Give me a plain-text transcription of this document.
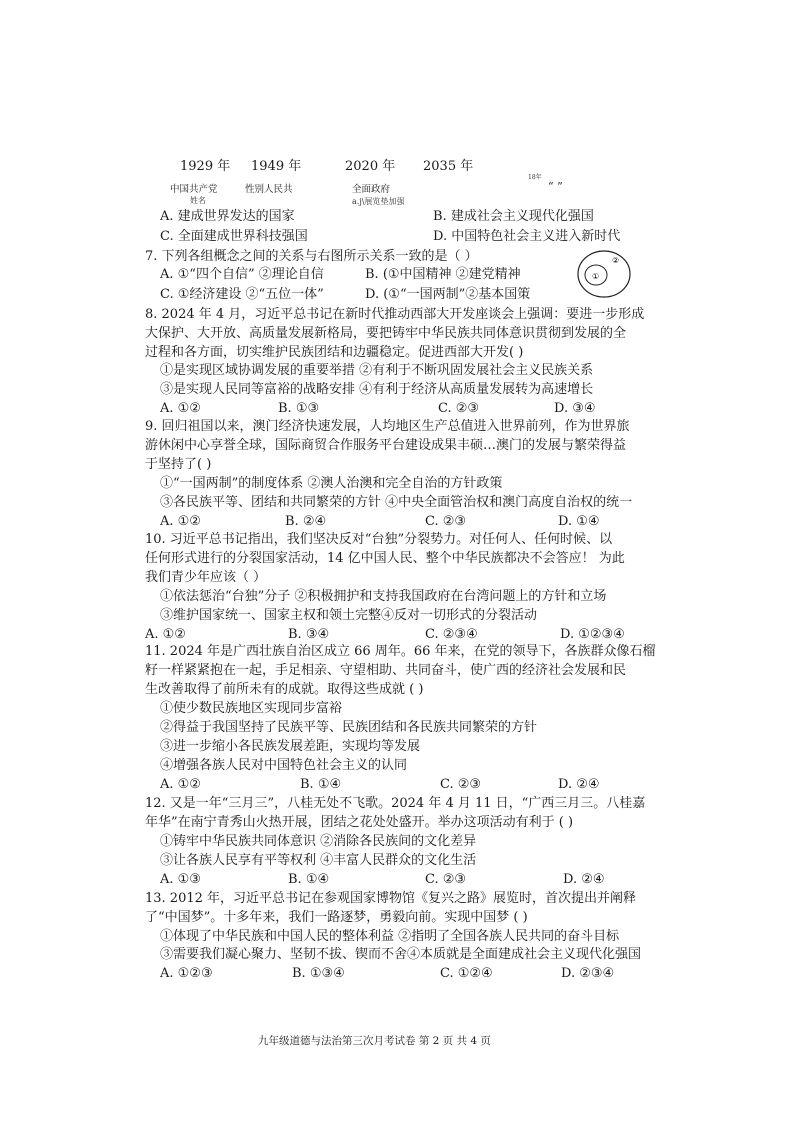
1929 年 1949 年	2020 年 2035 年
中国共产党	性别人民共	全面政府
姓名	a.j\展览垫加强
18年
“ ”
A. 建成世界发达的国家	B. 建成社会主义现代化强国
C. 全面建成世界科技强国	D. 中国特色社会主义进入新时代
7. 下列各组概念之间的关系与右图所示关系一致的是（ ）
A. ①“四个自信” ②理论自信	B. (①中国精神 ②建党精神
C. ①经济建设 ②“五位一体”	D. (①“一国两制”②基本国策
①
②
8. 2024 年 4 月，习近平总书记在新时代推动西部大开发座谈会上强调：要进一步形成
大保护、大开放、高质量发展新格局，要把铸牢中华民族共同体意识贯彻到发展的全
过程和各方面，切实维护民族团结和边疆稳定。促进西部大开发( )
①是实现区域协调发展的重要举措 ②有利于不断巩固发展社会主义民族关系
③是实现人民同等富裕的战略安排 ④有利于经济从高质量发展转为高速增长
A. ①②	B. ①③	C. ②③	D. ③④
9. 回归祖国以来，澳门经济快速发展，人均地区生产总值进入世界前列，作为世界旅
游休闲中心享誉全球，国际商贸合作服务平台建设成果丰硕…澳门的发展与繁荣得益
于坚持了( )
①“一国两制”的制度体系 ②澳人治澳和完全自治的方针政策
③各民族平等、团结和共同繁荣的方针 ④中央全面管治权和澳门高度自治权的统一
A. ①②	B. ②④	C. ②③	D. ①④
10. 习近平总书记指出，我们坚决反对“台独”分裂势力。对任何人、任何时候、以
任何形式进行的分裂国家活动，14 亿中国人民、整个中华民族都决不会答应！ 为此
我们青少年应该（ ）
①依法惩治“台独”分子 ②积极拥护和支持我国政府在台湾问题上的方针和立场
③维护国家统一、国家主权和领土完整④反对一切形式的分裂活动
A. ①②	B. ③④	C. ②③④	D. ①②③④
11. 2024 年是广西壮族自治区成立 66 周年。66 年来，在党的领导下，各族群众像石榴
籽一样紧紧抱在一起，手足相亲、守望相助、共同奋斗，使广西的经济社会发展和民
生改善取得了前所未有的成就。取得这些成就 ( )
①使少数民族地区实现同步富裕
②得益于我国坚持了民族平等、民族团结和各民族共同繁荣的方针
③进一步缩小各民族发展差距，实现均等发展
④增强各族人民对中国特色社会主义的认同
A. ①②	B. ①④	C. ②③	D. ②④
12. 又是一年“三月三”，八桂无处不飞歌。2024 年 4 月 11 日，“广西三月三。八桂嘉
年华”在南宁青秀山火热开展，团结之花处处盛开。举办这项活动有利于 ( )
①铸牢中华民族共同体意识 ②消除各民族间的文化差异
③让各族人民享有平等权利 ④丰富人民群众的文化生活
A. ①③	B. ①④	C. ②③	D. ②④
13. 2012 年，习近平总书记在参观国家博物馆《复兴之路》展览时，首次提出并阐释
了“中国梦”。十多年来，我们一路逐梦，勇毅向前。实现中国梦 ( )
①体现了中华民族和中国人民的整体利益 ②指明了全国各族人民共同的奋斗目标
③需要我们凝心聚力、坚韧不拔、锲而不舍④本质就是全面建成社会主义现代化强国
A. ①②③	B. ①③④	C. ①②④	D. ②③④
九年级道德与法治第三次月考试卷 第 2 页 共 4 页
